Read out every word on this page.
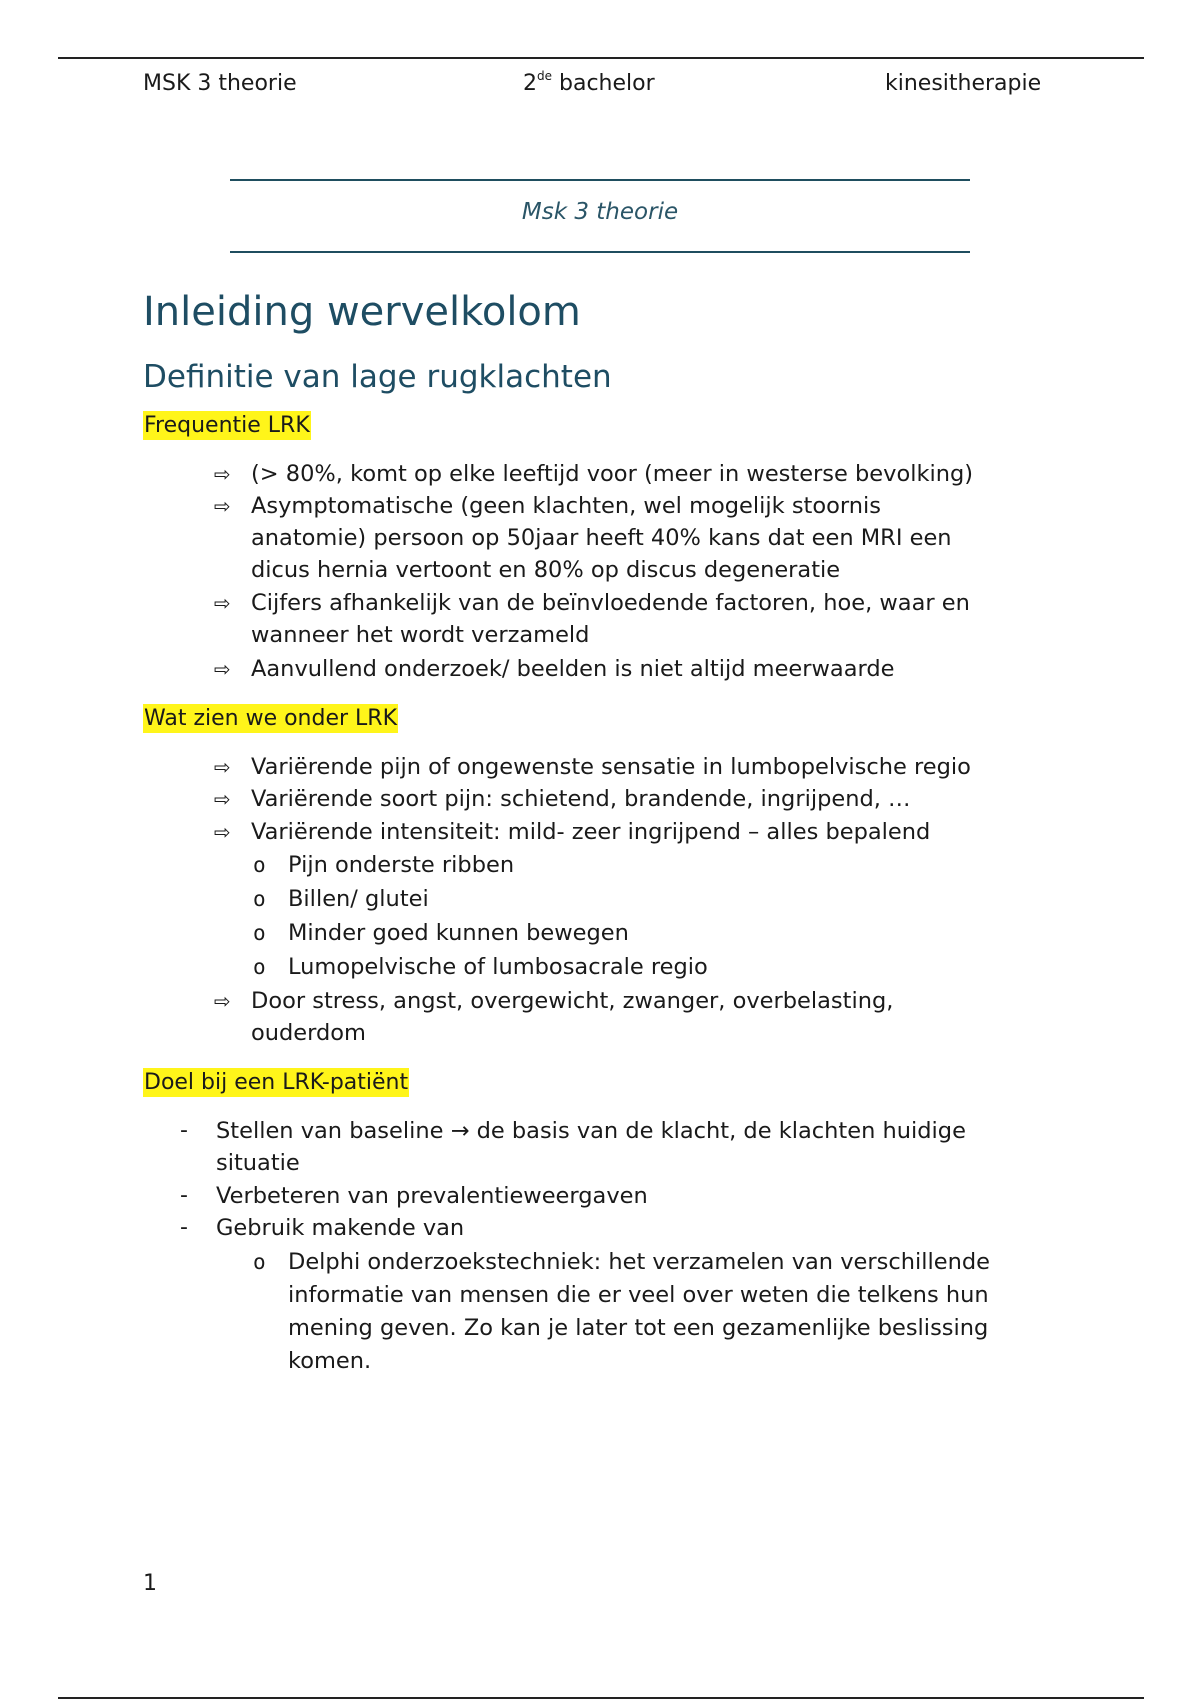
MSK 3 theorie	2de bachelor	kinesitherapie
Msk 3 theorie
Inleiding wervelkolom
Definitie van lage rugklachten
Frequentie LRK
⇨ (> 80%, komt op elke leeftijd voor (meer in westerse bevolking)
⇨ Asymptomatische (geen klachten, wel mogelijk stoornis
anatomie) persoon op 50jaar heeft 40% kans dat een MRI een
dicus hernia vertoont en 80% op discus degeneratie
⇨ Cijfers afhankelijk van de beïnvloedende factoren, hoe, waar en
wanneer het wordt verzameld
⇨ Aanvullend onderzoek/ beelden is niet altijd meerwaarde
Wat zien we onder LRK
⇨ Variërende pijn of ongewenste sensatie in lumbopelvische regio
⇨ Variërende soort pijn: schietend, brandende, ingrijpend, …
⇨ Variërende intensiteit: mild- zeer ingrijpend – alles bepalend
o Pijn onderste ribben
o Billen/ glutei
o Minder goed kunnen bewegen
o Lumopelvische of lumbosacrale regio
⇨ Door stress, angst, overgewicht, zwanger, overbelasting,
ouderdom
Doel bij een LRK-patiënt
- Stellen van baseline → de basis van de klacht, de klachten huidige
situatie
- Verbeteren van prevalentieweergaven
- Gebruik makende van
o Delphi onderzoekstechniek: het verzamelen van verschillende
informatie van mensen die er veel over weten die telkens hun
mening geven. Zo kan je later tot een gezamenlijke beslissing
komen.
1
